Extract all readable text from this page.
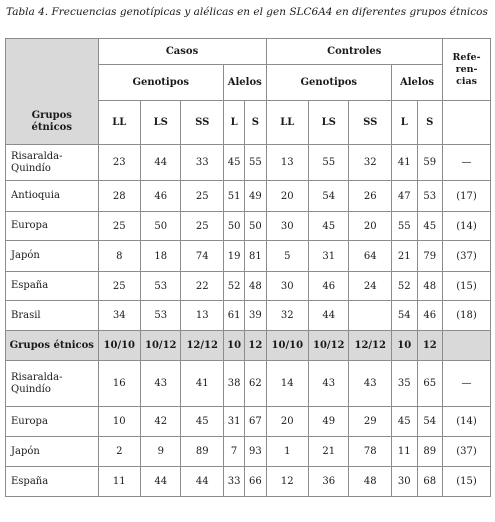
Tabla 4. Frecuencias genotípicas y alélicas en el gen SLC6A4 en diferentes grupos étnicos
Grupos
étnicos	Casos					Controles					Refe-
ren-
cias
	Genotipos			Alelos		Genotipos			Alelos		
	LL	LS	SS	L	S	LL	LS	SS	L	S	
Risaralda-
Quindío	23	44	33	45	55	13	55	32	41	59	—
Antioquia	28	46	25	51	49	20	54	26	47	53	(17)
Europa	25	50	25	50	50	30	45	20	55	45	(14)
Japón	8	18	74	19	81	5	31	64	21	79	(37)
España	25	53	22	52	48	30	46	24	52	48	(15)
Brasil	34	53	13	61	39	32	44		54	46	(18)
Grupos étnicos	10/10	10/12	12/12	10	12	10/10	10/12	12/12	10	12	
Risaralda-
Quindío	16	43	41	38	62	14	43	43	35	65	—
Europa	10	42	45	31	67	20	49	29	45	54	(14)
Japón	2	9	89	7	93	1	21	78	11	89	(37)
España	11	44	44	33	66	12	36	48	30	68	(15)
